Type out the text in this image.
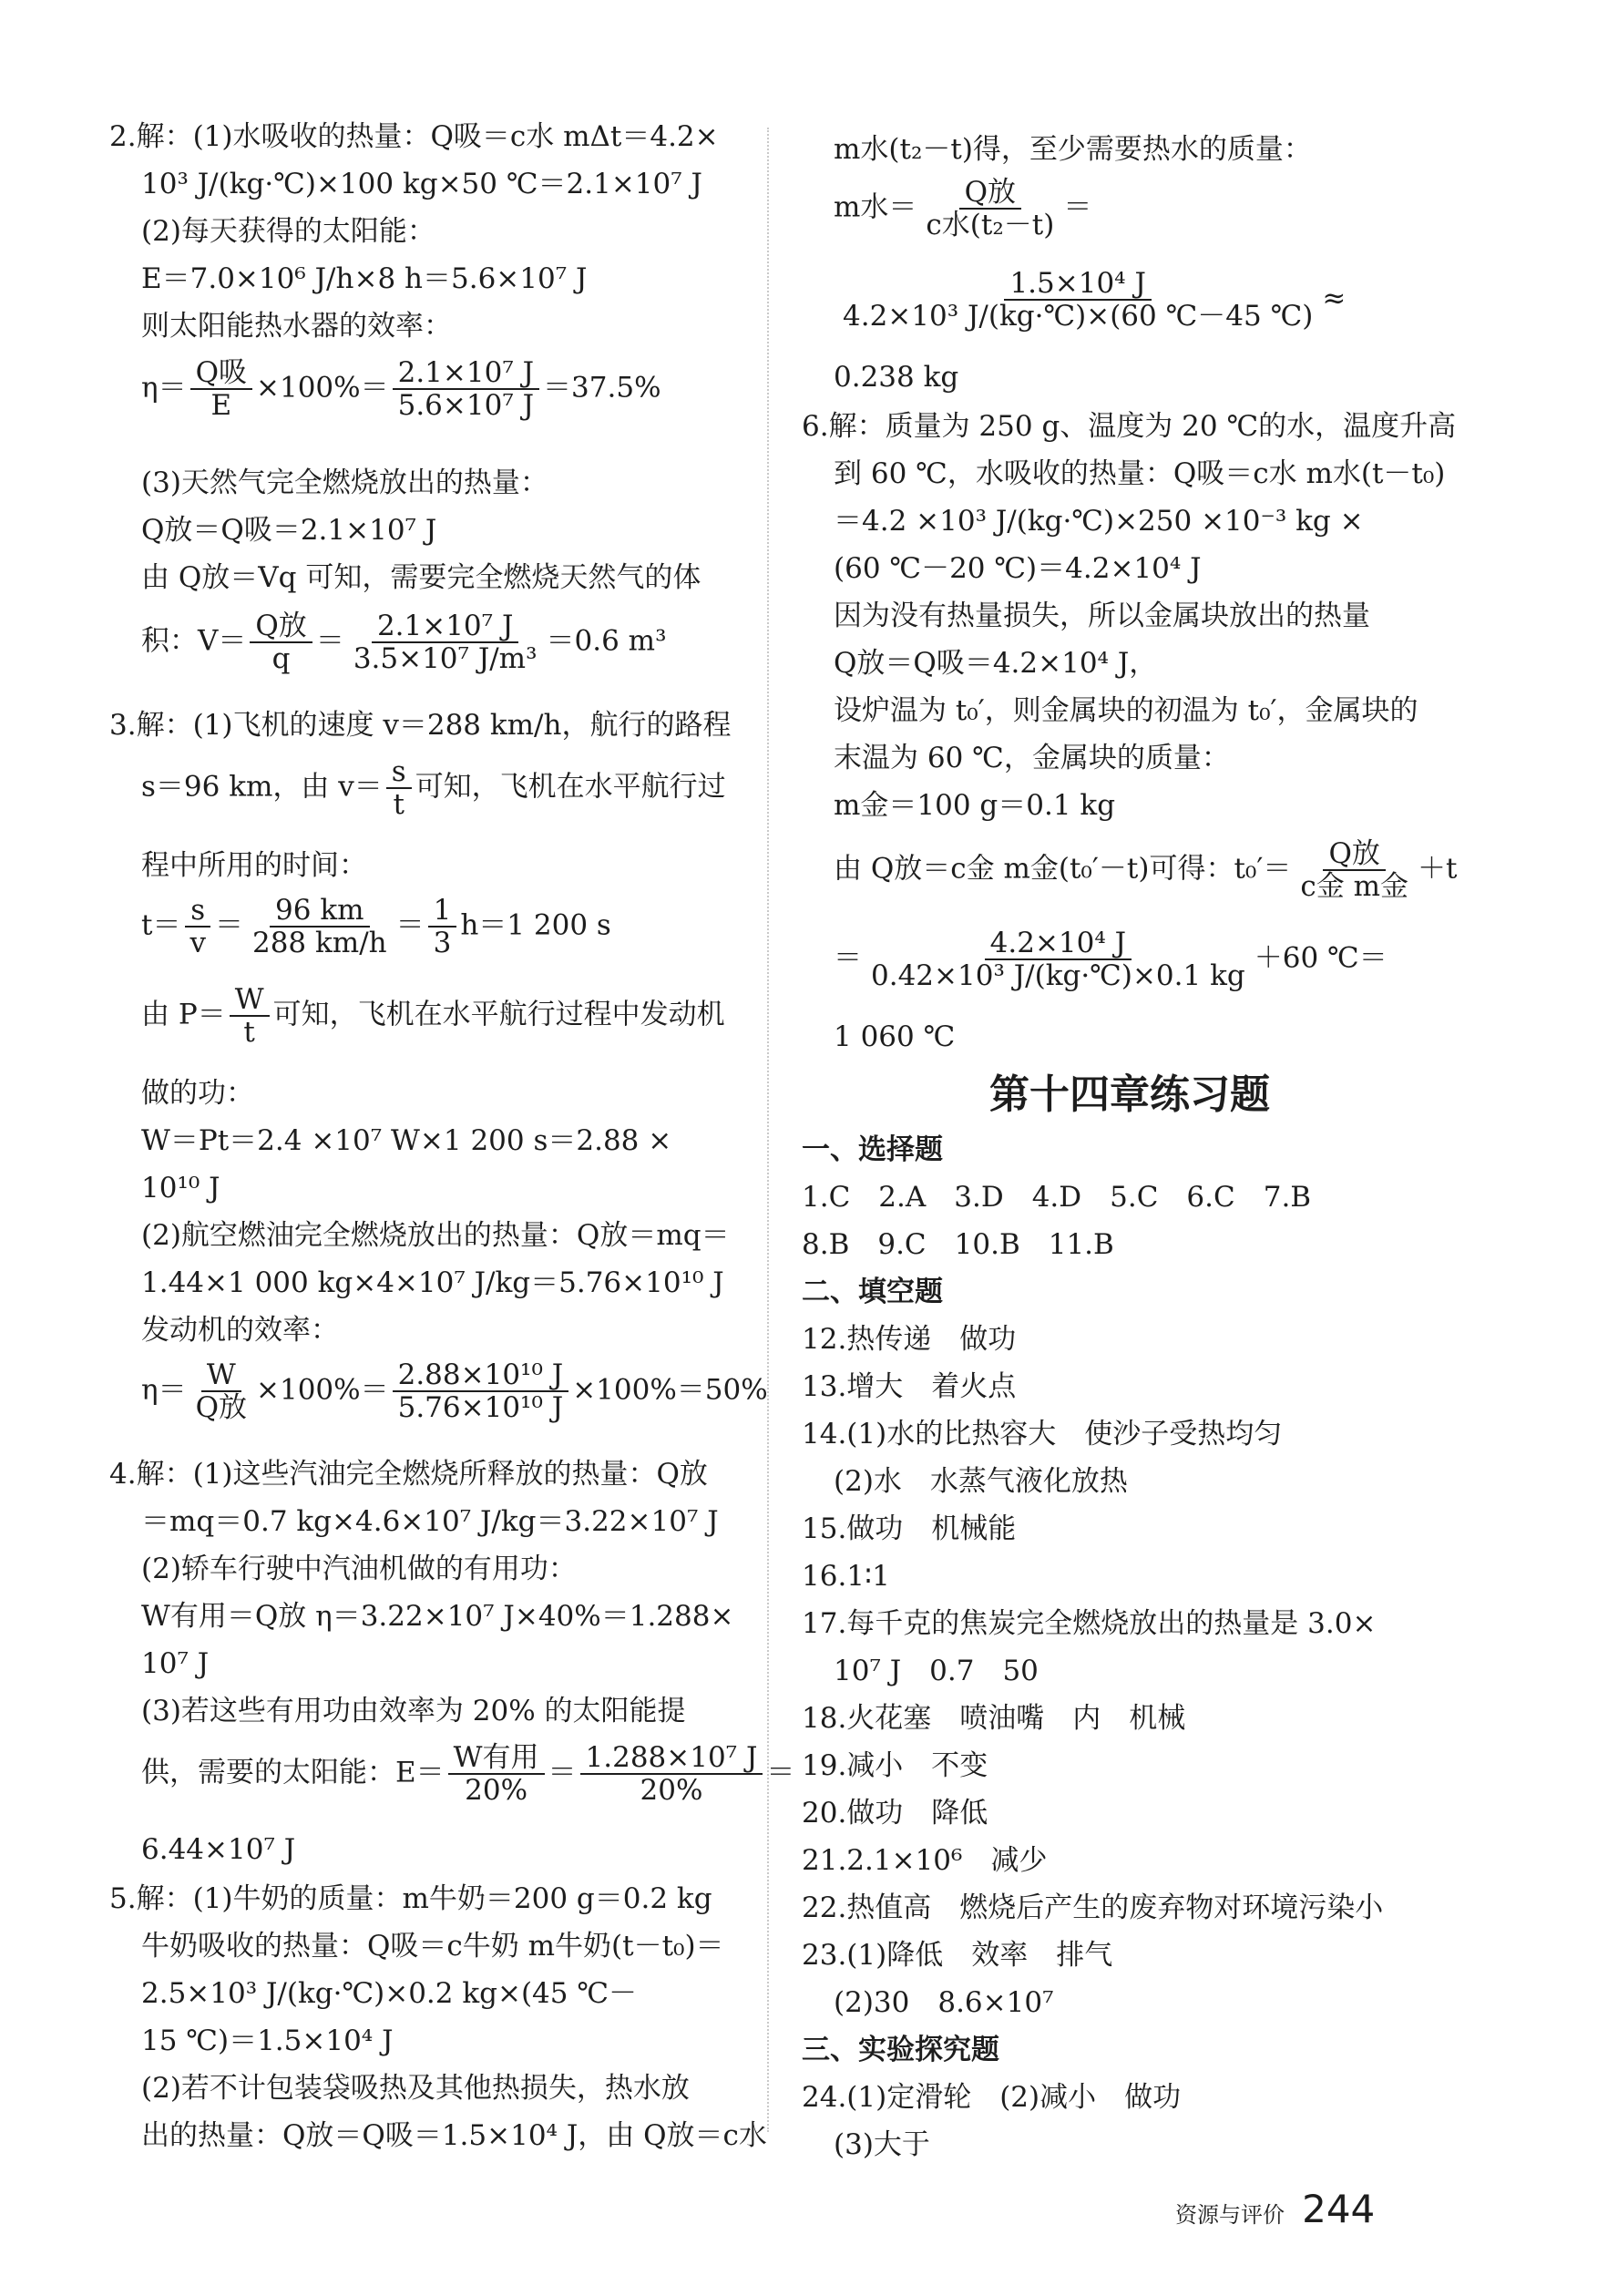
2.解：(1)水吸收的热量：Q吸＝c水 mΔt＝4.2×
10³ J/(kg·℃)×100 kg×50 ℃＝2.1×10⁷ J
(2)每天获得的太阳能：
E＝7.0×10⁶ J/h×8 h＝5.6×10⁷ J
则太阳能热水器的效率：
$\eta= \frac{\text{Q吸}}{E} \times 100\%= \frac{\text{2.1×10⁷ J}}{\text{5.6×10⁷ J}} =37.5\%$
(3)天然气完全燃烧放出的热量：
Q放＝Q吸＝2.1×10⁷ J
由 Q放＝Vq 可知，需要完全燃烧天然气的体
积：$V= \frac{\text{Q放}}{q} = \frac{\text{2.1×10⁷ J}}{\text{3.5×10⁷ J/m³}} =0.6$ m³
3.解：(1)飞机的速度 v＝288 km/h，航行的路程
s＝96 km，由 $v= \frac{s}{t}$ 可知，飞机在水平航行过
程中所用的时间：
$t= \frac{s}{v} = \frac{96 km}{288 km/h} = \frac{1}{3} h=1$ 200 s
由 $P= \frac{W}{t}$ 可知，飞机在水平航行过程中发动机
做的功：
W＝Pt＝2.4 ×10⁷ W×1 200 s＝2.88 ×
10¹⁰ J
(2)航空燃油完全燃烧放出的热量：Q放＝mq＝
1.44×1 000 kg×4×10⁷ J/kg＝5.76×10¹⁰ J
发动机的效率：
$\eta= \frac{W}{\text{Q放}} \times 100\%= \frac{\text{2.88×10¹⁰ J}}{\text{5.76×10¹⁰ J}} \times 100\%=50\%$
4.解：(1)这些汽油完全燃烧所释放的热量：Q放
＝mq＝0.7 kg×4.6×10⁷ J/kg＝3.22×10⁷ J
(2)轿车行驶中汽油机做的有用功：
W有用＝Q放 η＝3.22×10⁷ J×40%＝1.288×
10⁷ J
(3)若这些有用功由效率为 20% 的太阳能提
供，需要的太阳能：$E= \frac{\text{W有用}}{20\%} = \frac{\text{1.288×10⁷ J}}{20\%}$ ＝
6.44×10⁷ J
5.解：(1)牛奶的质量：m牛奶＝200 g＝0.2 kg
牛奶吸收的热量：Q吸＝c牛奶 m牛奶(t－t₀)＝
2.5×10³ J/(kg·℃)×0.2 kg×(45 ℃－
15 ℃)＝1.5×10⁴ J
(2)若不计包装袋吸热及其他热损失，热水放
出的热量：Q放＝Q吸＝1.5×10⁴ J，由 Q放＝c水
m水(t₂－t)得，至少需要热水的质量：
m水＝ $\frac{\text{Q放}}{\text{c水(t₂－t)}}$ ＝
$\frac{\text{1.5×10⁴ J}}{\text{4.2×10³ J/(kg·℃)×(60 ℃－45 ℃)}}$ ≈
0.238 kg
6.解：质量为 250 g、温度为 20 ℃的水，温度升高
到 60 ℃，水吸收的热量：Q吸＝c水 m水(t－t₀)
＝4.2 ×10³ J/(kg·℃)×250 ×10⁻³ kg ×
(60 ℃－20 ℃)＝4.2×10⁴ J
因为没有热量损失，所以金属块放出的热量
Q放＝Q吸＝4.2×10⁴ J，
设炉温为 t₀′，则金属块的初温为 t₀′，金属块的
末温为 60 ℃，金属块的质量：
m金＝100 g＝0.1 kg
由 Q放＝c金 m金(t₀′－t)可得：$t_0'= \frac{\text{Q放}}{\text{c金 m金}} +t$
＝ $\frac{\text{4.2×10⁴ J}}{\text{0.42×10³ J/(kg·℃)×0.1 kg}} +60$ ℃＝
1 060 ℃
第十四章练习题
一、选择题
1.C　2.A　3.D　4.D　5.C　6.C　7.B
8.B　9.C　10.B　11.B
二、填空题
12.热传递　做功
13.增大　着火点
14.(1)水的比热容大　使沙子受热均匀
(2)水　水蒸气液化放热
15.做功　机械能
16.1∶1
17.每千克的焦炭完全燃烧放出的热量是 3.0×
10⁷ J　0.7　50
18.火花塞　喷油嘴　内　机械
19.减小　不变
20.做功　降低
21.2.1×10⁶　减少
22.热值高　燃烧后产生的废弃物对环境污染小
23.(1)降低　效率　排气
(2)30　8.6×10⁷
三、实验探究题
24.(1)定滑轮　(2)减小　做功
(3)大于
资源与评价 244
